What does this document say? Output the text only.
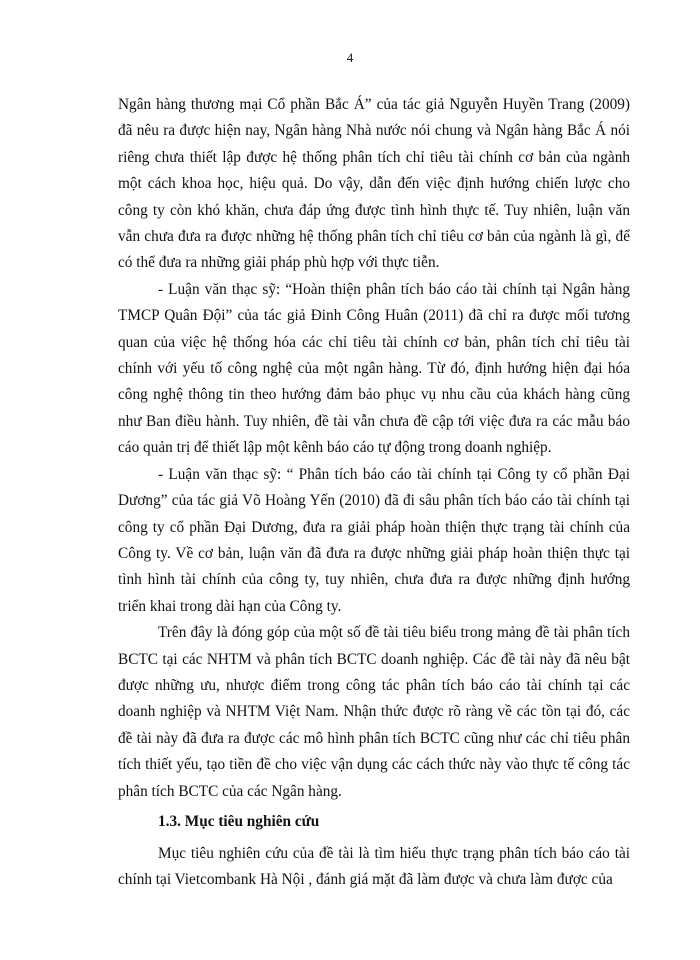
4

Ngân hàng thương mại Cổ phần Bắc Á” của tác giả Nguyễn Huyền Trang (2009) đã nêu ra được hiện nay, Ngân hàng Nhà nước nói chung và Ngân hàng Bắc Á nói riêng chưa thiết lập được hệ thống phân tích chỉ tiêu tài chính cơ bản của ngành một cách khoa học, hiệu quả. Do vậy, dẫn đến việc định hướng chiến lược cho công ty còn khó khăn, chưa đáp ứng được tình hình thực tế. Tuy nhiên, luận văn vẫn chưa đưa ra được những hệ thống phân tích chỉ tiêu cơ bản của ngành là gì, để có thể đưa ra những giải pháp phù hợp với thực tiễn.

- Luận văn thạc sỹ: “Hoàn thiện phân tích báo cáo tài chính tại Ngân hàng TMCP Quân Đội” của tác giả Đinh Công Huân (2011) đã chỉ ra được mối tương quan của việc hệ thống hóa các chỉ tiêu tài chính cơ bản, phân tích chỉ tiêu tài chính với yếu tố công nghệ của một ngân hàng. Từ đó, định hướng hiện đại hóa công nghệ thông tin theo hướng đảm bảo phục vụ nhu cầu của khách hàng cũng như Ban điều hành. Tuy nhiên, đề tài vẫn chưa đề cập tới việc đưa ra các mẫu báo cáo quản trị để thiết lập một kênh báo cáo tự động trong doanh nghiệp.

- Luận văn thạc sỹ: “ Phân tích báo cáo tài chính tại Công ty cổ phần Đại Dương” của tác giả Võ Hoàng Yến (2010) đã đi sâu phân tích báo cáo tài chính tại công ty cổ phần Đại Dương, đưa ra giải pháp hoàn thiện thực trạng tài chính của Công ty. Về cơ bản, luận văn đã đưa ra được những giải pháp hoàn thiện thực tại tình hình tài chính của công ty, tuy nhiên, chưa đưa ra được những định hướng triển khai trong dài hạn của Công ty.

Trên đây là đóng góp của một số đề tài tiêu biểu trong mảng đề tài phân tích BCTC tại các NHTM và phân tích BCTC doanh nghiệp. Các đề tài này đã nêu bật được những ưu, nhược điểm trong công tác phân tích báo cáo tài chính tại các doanh nghiệp và NHTM Việt Nam. Nhận thức được rõ ràng về các tồn tại đó, các đề tài này đã đưa ra được các mô hình phân tích BCTC cũng như các chỉ tiêu phân tích thiết yếu, tạo tiền đề cho việc vận dụng các cách thức này vào thực tế công tác phân tích BCTC của các Ngân hàng.

1.3. Mục tiêu nghiên cứu

Mục tiêu nghiên cứu của đề tài là tìm hiểu thực trạng phân tích báo cáo tài chính tại Vietcombank Hà Nội , đánh giá mặt đã làm được và chưa làm được của
